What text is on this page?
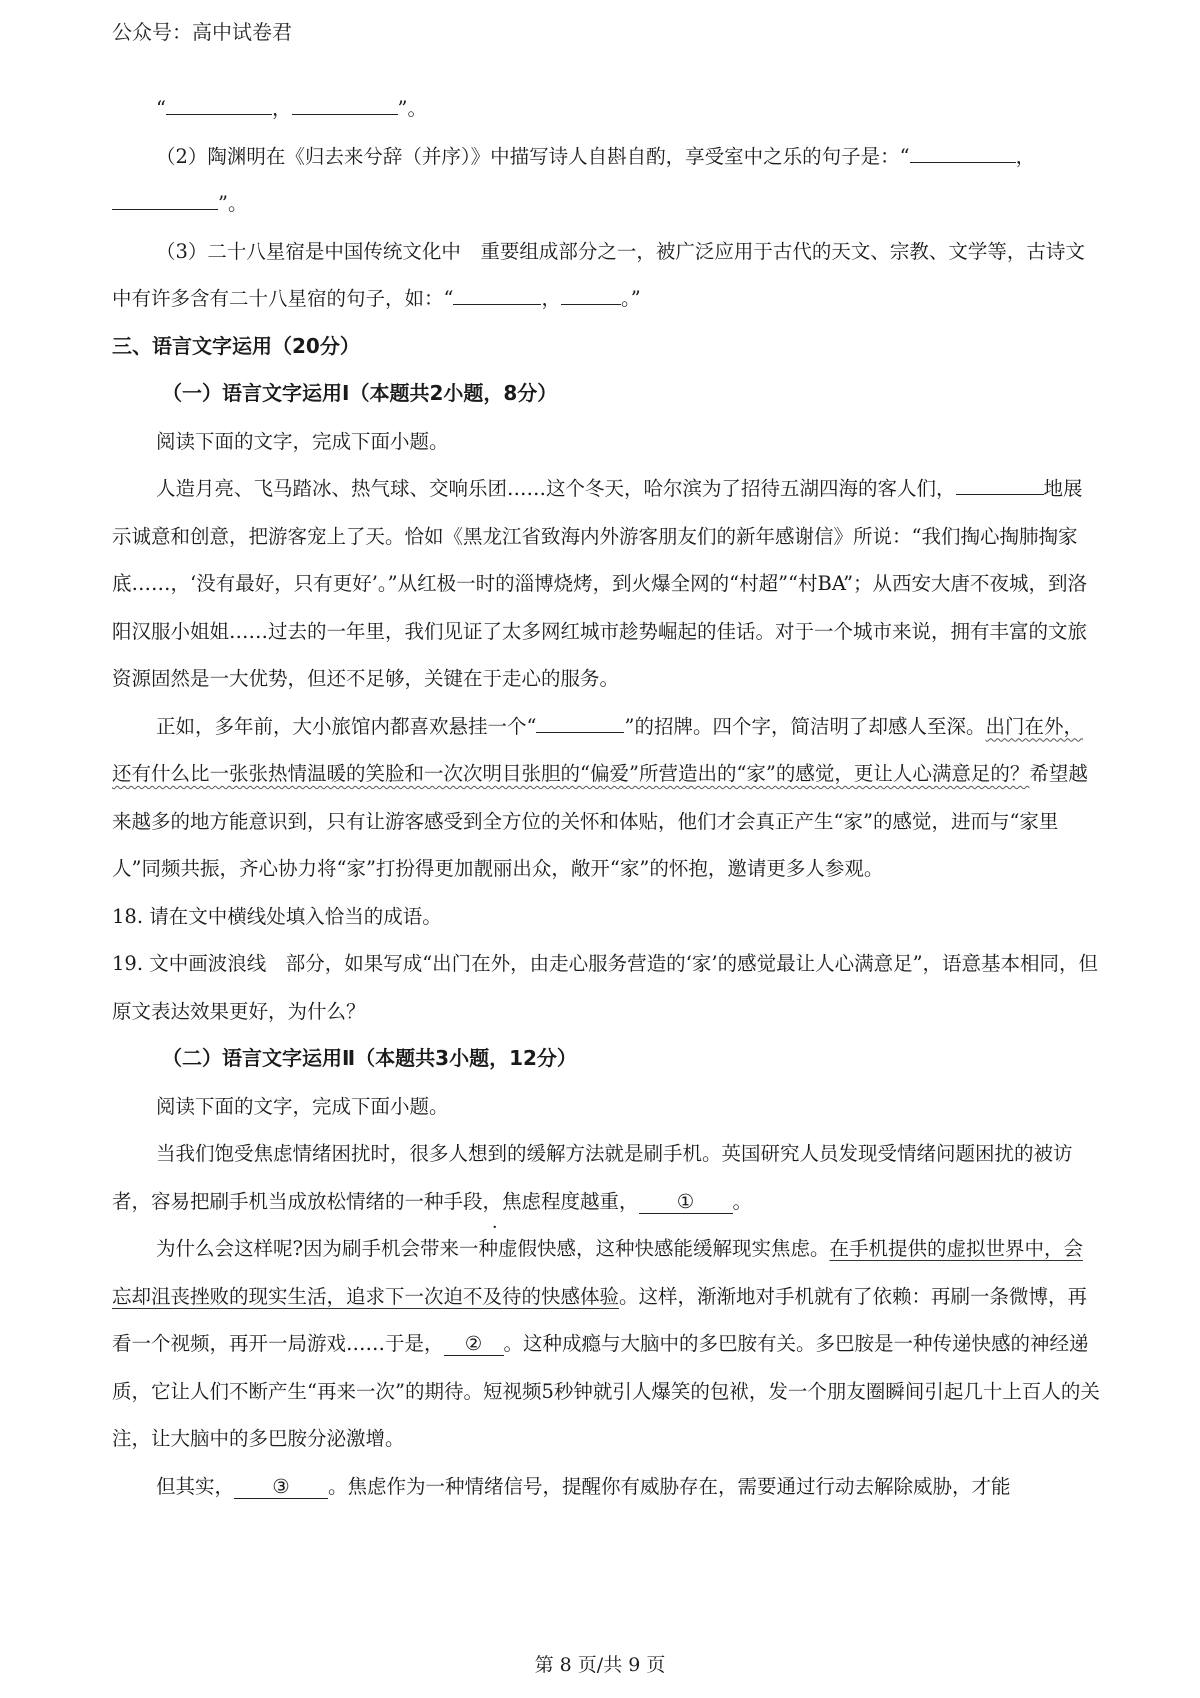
公众号：高中试卷君

“	，	”。

（2）陶渊明在《归去来兮辞（并序）》中描写诗人自斟自酌，享受室中之乐的句子是：“	，
”。

（3）二十八星宿是中国传统文化中　重要组成部分之一，被广泛应用于古代的天文、宗教、文学等，古诗文中有许多含有二十八星宿的句子，如：“	，	。”

三、语言文字运用（20分）

（一）语言文字运用Ⅰ（本题共2小题，8分）

阅读下面的文字，完成下面小题。

人造月亮、飞马踏冰、热气球、交响乐团……这个冬天，哈尔滨为了招待五湖四海的客人们，	地展示诚意和创意，把游客宠上了天。恰如《黑龙江省致海内外游客朋友们的新年感谢信》所说：“我们掏心掏肺掏家底……，‘没有最好，只有更好’。”从红极一时的淄博烧烤，到火爆全网的“村超”“村BA”；从西安大唐不夜城，到洛阳汉服小姐姐……过去的一年里，我们见证了太多网红城市趁势崛起的佳话。对于一个城市来说，拥有丰富的文旅资源固然是一大优势，但还不足够，关键在于走心的服务。

正如，多年前，大小旅馆内都喜欢悬挂一个“	”的招牌。四个字，简洁明了却感人至深。出门在外，还有什么比一张张热情温暖的笑脸和一次次明目张胆的“偏爱”所营造出的“家”的感觉，更让人心满意足的？希望越来越多的地方能意识到，只有让游客感受到全方位的关怀和体贴，他们才会真正产生“家”的感觉，进而与“家里人”同频共振，齐心协力将“家”打扮得更加靓丽出众，敞开“家”的怀抱，邀请更多人参观。

18. 请在文中横线处填入恰当的成语。

19. 文中画波浪线　部分，如果写成“出门在外，由走心服务营造的‘家’的感觉最让人心满意足”，语意基本相同，但原文表达效果更好，为什么？

（二）语言文字运用Ⅱ（本题共3小题，12分）

阅读下面的文字，完成下面小题。

当我们饱受焦虑情绪困扰时，很多人想到的缓解方法就是刷手机。英国研究人员发现受情绪问题困扰的被访者，容易把刷手机当成放松情绪的一种手段，焦虑程度越重， ① 。

为什么会这样呢?因为刷手机会带来一种虚假快感，这种快感能缓解现实焦虑。在手机提供的虚拟世界中，会忘却沮丧挫败的现实生活，追求下一次迫不及待的快感体验。这样，渐渐地对手机就有了依赖：再刷一条微博，再看一个视频，再开一局游戏……于是， ② 。这种成瘾与大脑中的多巴胺有关。多巴胺是一种传递快感的神经递质，它让人们不断产生“再来一次”的期待。短视频5秒钟就引人爆笑的包袱，发一个朋友圈瞬间引起几十上百人的关注，让大脑中的多巴胺分泌激增。

但其实， ③ 。焦虑作为一种情绪信号，提醒你有威胁存在，需要通过行动去解除威胁，才能

第 8 页/共 9 页
